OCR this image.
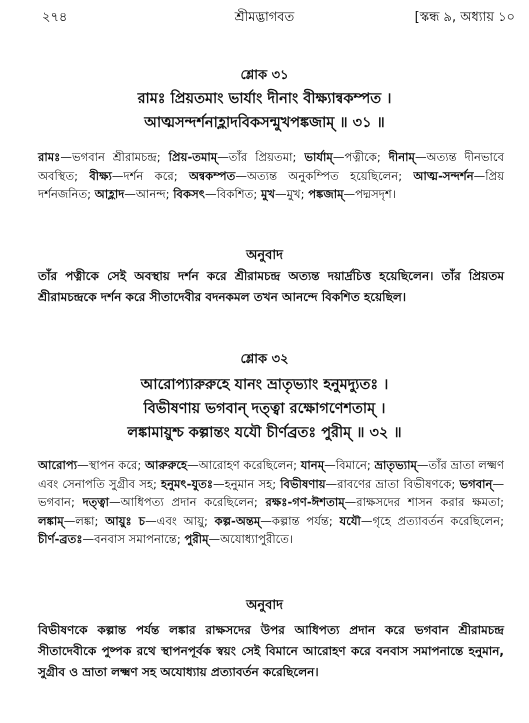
শ্রীমদ্ভাগবত
২৭৪	[স্কন্ধ ৯, অধ্যায় ১০
শ্লোক ৩১
রামঃ প্রিয়তমাং ভার্যাং দীনাং বীক্ষ্যান্বকম্পত ।
আত্মসন্দর্শনাহ্লাদবিকসন্মুখপঙ্কজাম্ ॥ ৩১ ॥

রামঃ—ভগবান শ্রীরামচন্দ্র; প্রিয়-তমাম্—তাঁর প্রিয়তমা; ভার্যাম্—পত্নীকে; দীনাম্—অত্যন্ত দীনভাবে অবস্থিত; বীক্ষ্য—দর্শন করে; অন্বকম্পত—অত্যন্ত অনুকম্পিত হয়েছিলেন; আত্ম-সন্দর্শন—প্রিয় দর্শনজনিত; আহ্লাদ—আনন্দ; বিকসৎ—বিকশিত; মুখ—মুখ; পঙ্কজাম্—পদ্মসদৃশ।

অনুবাদ

তাঁর পত্নীকে সেই অবস্থায় দর্শন করে শ্রীরামচন্দ্র অত্যন্ত দয়ার্দ্রচিত্ত হয়েছিলেন। তাঁর প্রিয়তম শ্রীরামচন্দ্রকে দর্শন করে সীতাদেবীর বদনকমল তখন আনন্দে বিকশিত হয়েছিল।

শ্লোক ৩২
আরোপ্যারুরুহে যানং ভ্রাতৃভ্যাং হনুমদ্যুতঃ ।
বিভীষণায় ভগবান্ দত্ত্বা রক্ষোগণেশতাম্ ।
লঙ্কামায়ুশ্চ কল্পান্তং যযৌ চীর্ণব্রতঃ পুরীম্ ॥ ৩২ ॥

আরোপ্য—স্থাপন করে; আরুরুহে—আরোহণ করেছিলেন; যানম্—বিমানে; ভ্রাতৃভ্যাম্—তাঁর ভ্রাতা লক্ষ্মণ এবং সেনাপতি সুগ্রীব সহ; হনুমৎ-যুতঃ—হনুমান সহ; বিভীষণায়—রাবণের ভ্রাতা বিভীষণকে; ভগবান্—ভগবান; দত্ত্বা—আধিপত্য প্রদান করেছিলেন; রক্ষঃ-গণ-ঈশতাম্—রাক্ষসদের শাসন করার ক্ষমতা; লঙ্কাম্—লঙ্কা; আয়ুঃ চ—এবং আয়ু; কল্প-অন্তম্—কল্পান্ত পর্যন্ত; যযৌ—গৃহে প্রত্যাবর্তন করেছিলেন; চীর্ণ-ব্রতঃ—বনবাস সমাপনান্তে; পুরীম্—অযোধ্যাপুরীতে।

অনুবাদ

বিভীষণকে কল্পান্ত পর্যন্ত লঙ্কার রাক্ষসদের উপর আধিপত্য প্রদান করে ভগবান শ্রীরামচন্দ্র সীতাদেবীকে পুষ্পক রথে স্থাপনপূর্বক স্বয়ং সেই বিমানে আরোহণ করে বনবাস সমাপনান্তে হনুমান, সুগ্রীব ও ভ্রাতা লক্ষ্মণ সহ অযোধ্যায় প্রত্যাবর্তন করেছিলেন।
